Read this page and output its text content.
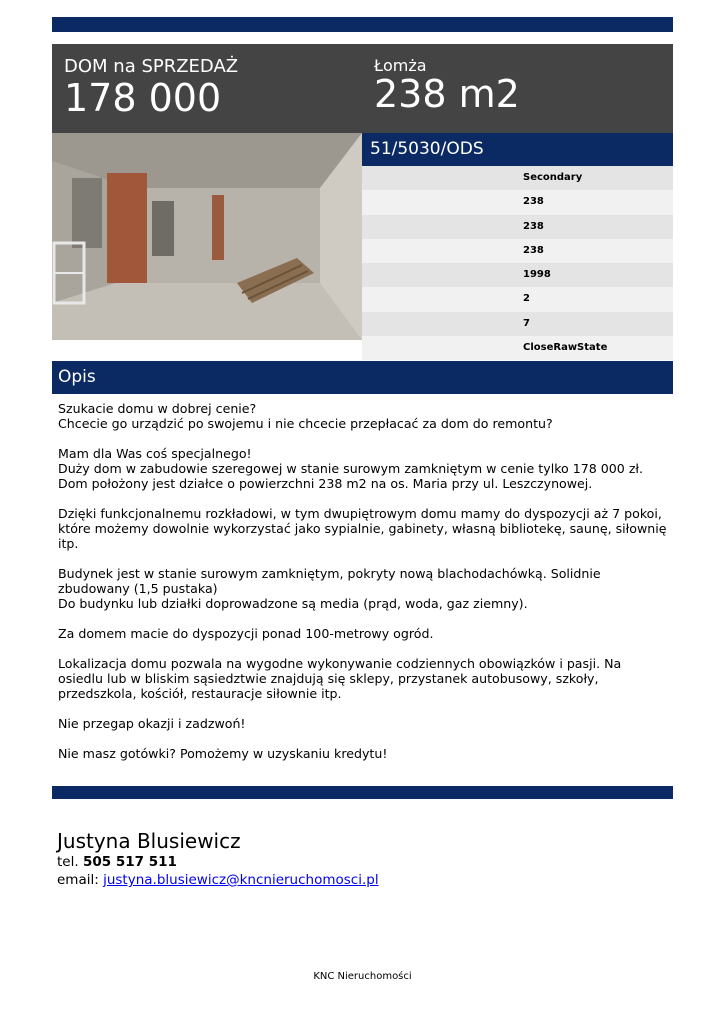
DOM na SPRZEDAŻ
178 000
Łomża
238 m2
51/5030/ODS
Secondary
238
238
238
1998
2
7
CloseRawState
Opis

Szukacie domu w dobrej cenie?
Chcecie go urządzić po swojemu i nie chcecie przepłacać za dom do remontu?

Mam dla Was coś specjalnego!
Duży dom w zabudowie szeregowej w stanie surowym zamkniętym w cenie tylko 178 000 zł.
Dom położony jest działce o powierzchni 238 m2 na os. Maria przy ul. Leszczynowej.

Dzięki funkcjonalnemu rozkładowi, w tym dwupiętrowym domu mamy do dyspozycji aż 7 pokoi, które możemy dowolnie wykorzystać jako sypialnie, gabinety, własną bibliotekę, saunę, siłownię itp.

Budynek jest w stanie surowym zamkniętym, pokryty nową blachodachówką. Solidnie zbudowany (1,5 pustaka)
Do budynku lub działki doprowadzone są media (prąd, woda, gaz ziemny).

Za domem macie do dyspozycji ponad 100-metrowy ogród.

Lokalizacja domu pozwala na wygodne wykonywanie codziennych obowiązków i pasji. Na osiedlu lub w bliskim sąsiedztwie znajdują się sklepy, przystanek autobusowy, szkoły, przedszkola, kościół, restauracje siłownie itp.

Nie przegap okazji i zadzwoń!

Nie masz gotówki? Pomożemy w uzyskaniu kredytu!

Justyna Blusiewicz
tel. 505 517 511
email: justyna.blusiewicz@kncnieruchomosci.pl
KNC Nieruchomości
